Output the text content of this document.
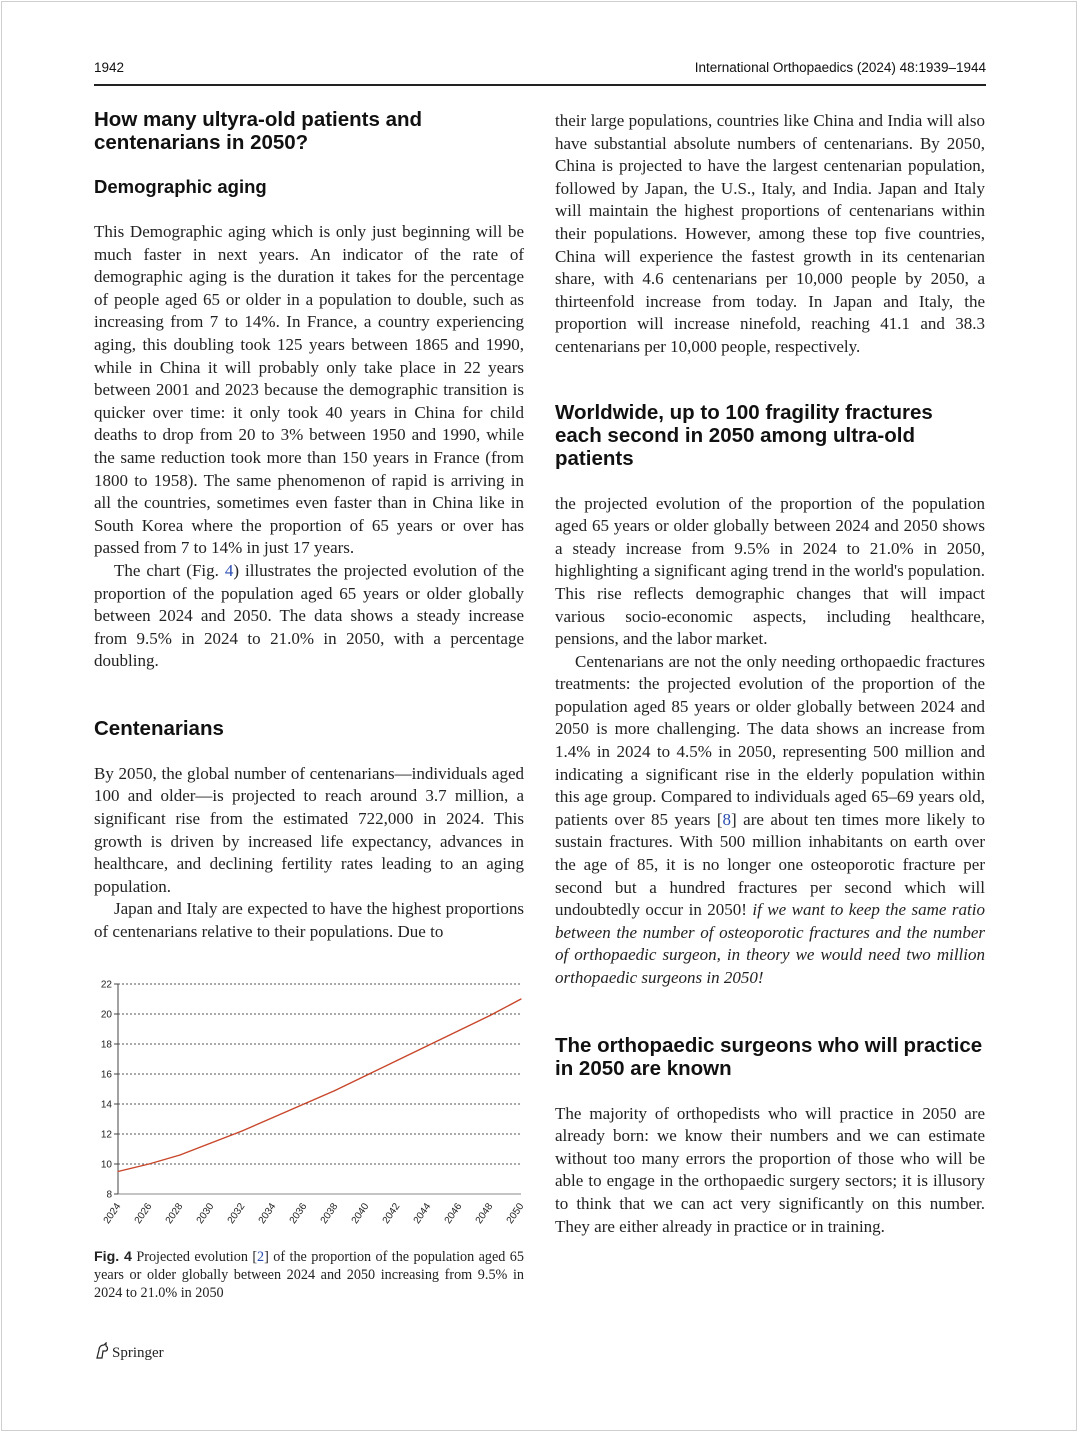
1942	International Orthopaedics (2024) 48:1939–1944
How many ultyra-old patients and centenarians in 2050?
Demographic aging

This Demographic aging which is only just beginning will be much faster in next years. An indicator of the rate of demographic aging is the duration it takes for the percentage of people aged 65 or older in a population to double, such as increasing from 7 to 14%. In France, a country experiencing aging, this doubling took 125 years between 1865 and 1990, while in China it will probably only take place in 22 years between 2001 and 2023 because the demographic transition is quicker over time: it only took 40 years in China for child deaths to drop from 20 to 3% between 1950 and 1990, while the same reduction took more than 150 years in France (from 1800 to 1958). The same phenomenon of rapid is arriving in all the countries, sometimes even faster than in China like in South Korea where the proportion of 65 years or over has passed from 7 to 14% in just 17 years.

The chart (Fig. 4) illustrates the projected evolution of the proportion of the population aged 65 years or older globally between 2024 and 2050. The data shows a steady increase from 9.5% in 2024 to 21.0% in 2050, with a percentage doubling.

Centenarians

By 2050, the global number of centenarians—individuals aged 100 and older—is projected to reach around 3.7 million, a significant rise from the estimated 722,000 in 2024. This growth is driven by increased life expectancy, advances in healthcare, and declining fertility rates leading to an aging population.

Japan and Italy are expected to have the highest proportions of centenarians relative to their populations. Due to

8
10
12
14
16
18
20
22
2024 2026 2028 2030 2032 2034 2036 2038 2040 2042 2044 2046 2048 2050
Fig. 4 Projected evolution [2] of the proportion of the population aged 65 years or older globally between 2024 and 2050 increasing from 9.5% in 2024 to 21.0% in 2050

their large populations, countries like China and India will also have substantial absolute numbers of centenarians. By 2050, China is projected to have the largest centenarian population, followed by Japan, the U.S., Italy, and India. Japan and Italy will maintain the highest proportions of centenarians within their populations. However, among these top five countries, China will experience the fastest growth in its centenarian share, with 4.6 centenarians per 10,000 people by 2050, a thirteenfold increase from today. In Japan and Italy, the proportion will increase ninefold, reaching 41.1 and 38.3 centenarians per 10,000 people, respectively.

Worldwide, up to 100 fragility fractures each second in 2050 among ultra-old patients

the projected evolution of the proportion of the population aged 65 years or older globally between 2024 and 2050 shows a steady increase from 9.5% in 2024 to 21.0% in 2050, highlighting a significant aging trend in the world's population. This rise reflects demographic changes that will impact various socio-economic aspects, including healthcare, pensions, and the labor market.

Centenarians are not the only needing orthopaedic fractures treatments: the projected evolution of the proportion of the population aged 85 years or older globally between 2024 and 2050 is more challenging. The data shows an increase from 1.4% in 2024 to 4.5% in 2050, representing 500 million and indicating a significant rise in the elderly population within this age group. Compared to individuals aged 65–69 years old, patients over 85 years [8] are about ten times more likely to sustain fractures. With 500 million inhabitants on earth over the age of 85, it is no longer one osteoporotic fracture per second but a hundred fractures per second which will undoubtedly occur in 2050! if we want to keep the same ratio between the number of osteoporotic fractures and the number of orthopaedic surgeon, in theory we would need two million orthopaedic surgeons in 2050!

The orthopaedic surgeons who will practice in 2050 are known

The majority of orthopedists who will practice in 2050 are already born: we know their numbers and we can estimate without too many errors the proportion of those who will be able to engage in the orthopaedic surgery sectors; it is illusory to think that we can act very significantly on this number. They are either already in practice or in training.

Springer
